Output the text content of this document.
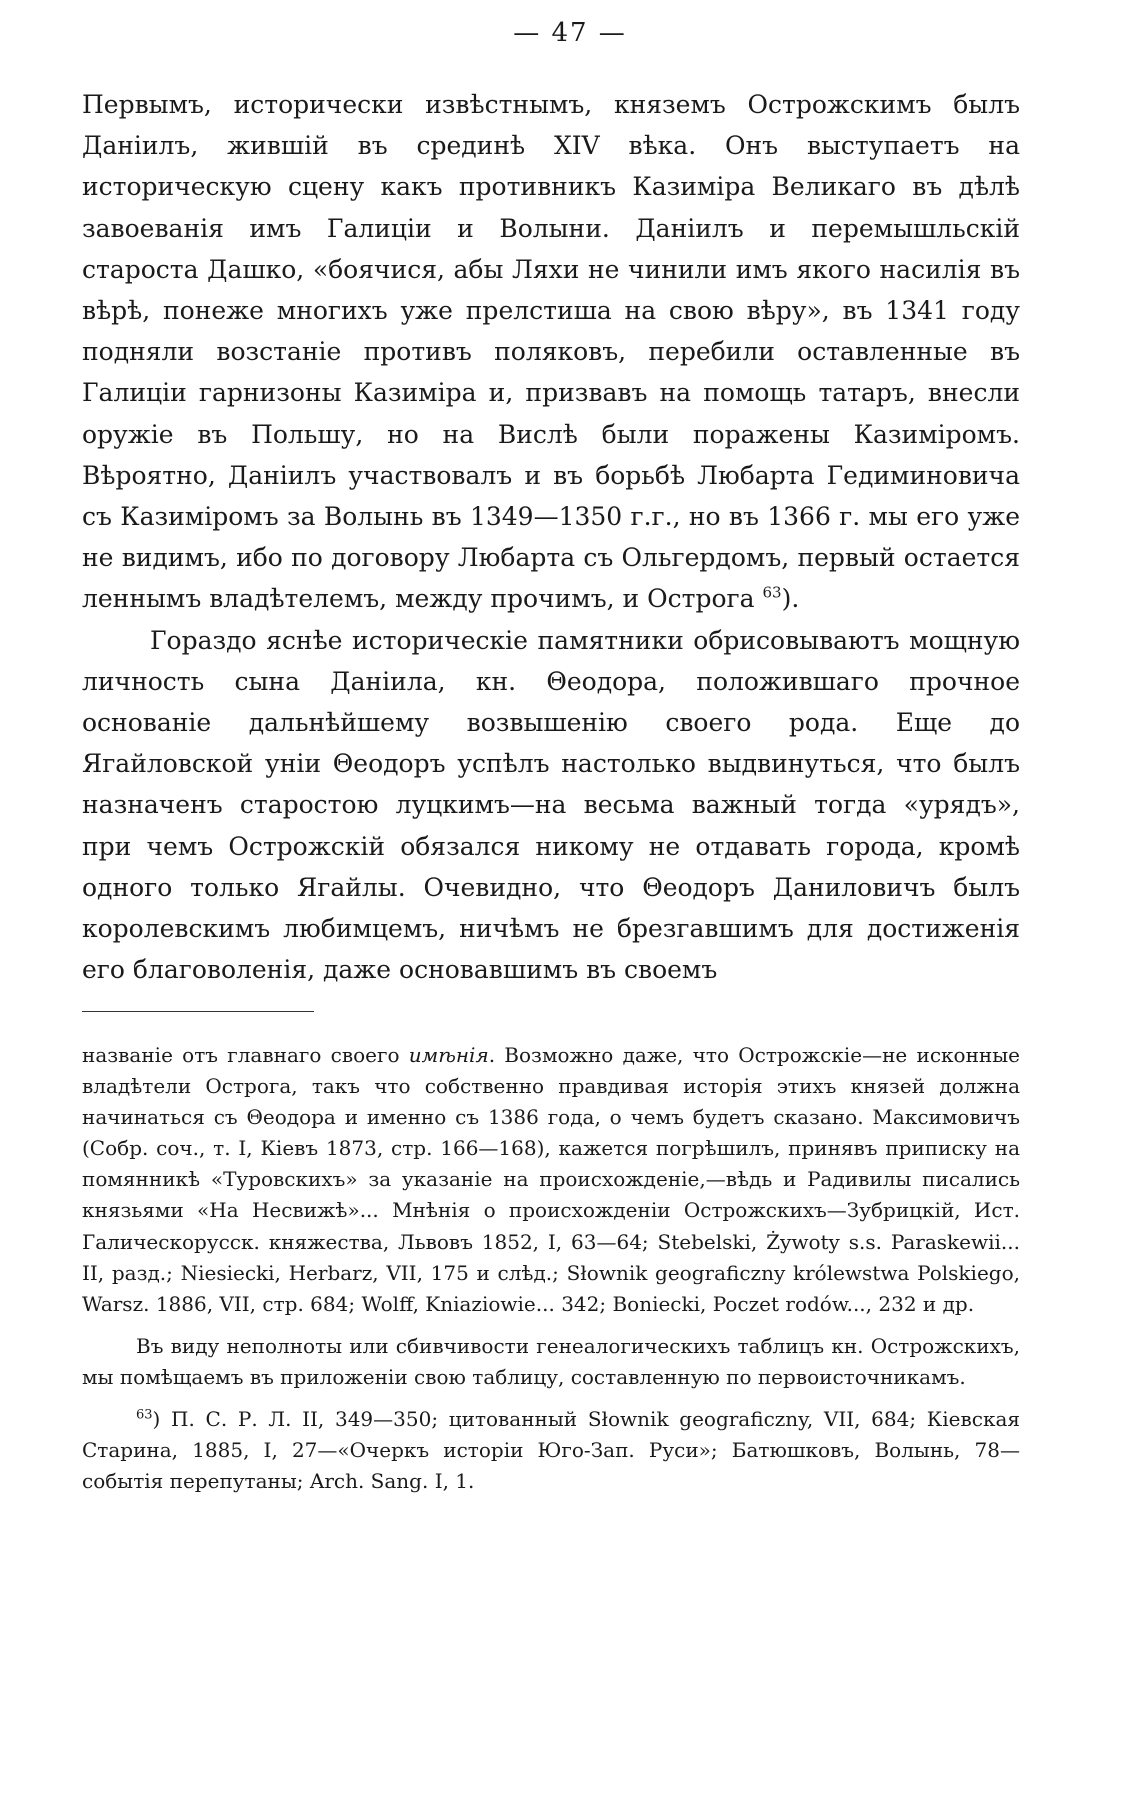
— 47 —

Первымъ, исторически извѣстнымъ, княземъ Острожскимъ былъ Даніилъ, жившій въ срединѣ XIV вѣка. Онъ выступаетъ на историческую сцену какъ противникъ Казиміра Великаго въ дѣлѣ завоеванія имъ Галиціи и Волыни. Даніилъ и перемышльскій староста Дашко, «боячися, абы Ляхи не чинили имъ якого насилія въ вѣрѣ, понеже многихъ уже прелстиша на свою вѣру», въ 1341 году подняли возстаніе противъ поляковъ, перебили оставленные въ Галиціи гарнизоны Казиміра и, призвавъ на помощь татаръ, внесли оружіе въ Польшу, но на Вислѣ были поражены Казиміромъ. Вѣроятно, Даніилъ участвовалъ и въ борьбѣ Любарта Гедиминовича съ Казиміромъ за Волынь въ 1349—1350 г.г., но въ 1366 г. мы его уже не видимъ, ибо по договору Любарта съ Ольгердомъ, первый остается леннымъ владѣтелемъ, между прочимъ, и Острога $^{63}$).

Гораздо яснѣе историческіе памятники обрисовываютъ мощную личность сына Даніила, кн. Θеодора, положившаго прочное основаніе дальнѣйшему возвышенію своего рода. Еще до Ягайловской уніи Θеодоръ успѣлъ настолько выдвинуться, что былъ назначенъ старостою луцкимъ—на весьма важный тогда «урядъ», при чемъ Острожскій обязался никому не отдавать города, кромѣ одного только Ягайлы. Очевидно, что Θеодоръ Даниловичъ былъ королевскимъ любимцемъ, ничѣмъ не брезгавшимъ для достиженія его благоволенія, даже основавшимъ въ своемъ

названіе отъ главнаго своего имѣнія. Возможно даже, что Острожскіе—не исконные владѣтели Острога, такъ что собственно правдивая исторія этихъ князей должна начинаться съ Θеодора и именно съ 1386 года, о чемъ будетъ сказано. Максимовичъ (Собр. соч., т. I, Кіевъ 1873, стр. 166—168), кажется погрѣшилъ, принявъ приписку на помянникѣ «Туровскихъ» за указаніе на происхожденіе,—вѣдь и Радивилы писались князьями «На Несвижѣ»... Мнѣнія о происхожденіи Острожскихъ—Зубрицкій, Ист. Галическорусск. княжества, Львовъ 1852, I, 63—64; Stebelski, Żywoty s.s. Paraskewii... II, разд.; Niesiecki, Herbarz, VII, 175 и слѣд.; Słownik geograficzny królewstwa Polskiego, Warsz. 1886, VII, стр. 684; Wolff, Kniaziowie... 342; Boniecki, Poczet rodów..., 232 и др.

Въ виду неполноты или сбивчивости генеалогическихъ таблицъ кн. Острожскихъ, мы помѣщаемъ въ приложеніи свою таблицу, составленную по первоисточникамъ.

$^{63}$) П. С. Р. Л. II, 349—350; цитованный Słownik geograficzny, VII, 684; Кіевская Старина, 1885, I, 27—«Очеркъ исторіи Юго-Зап. Руси»; Батюшковъ, Волынь, 78—событія перепутаны; Arch. Sang. I, 1.
